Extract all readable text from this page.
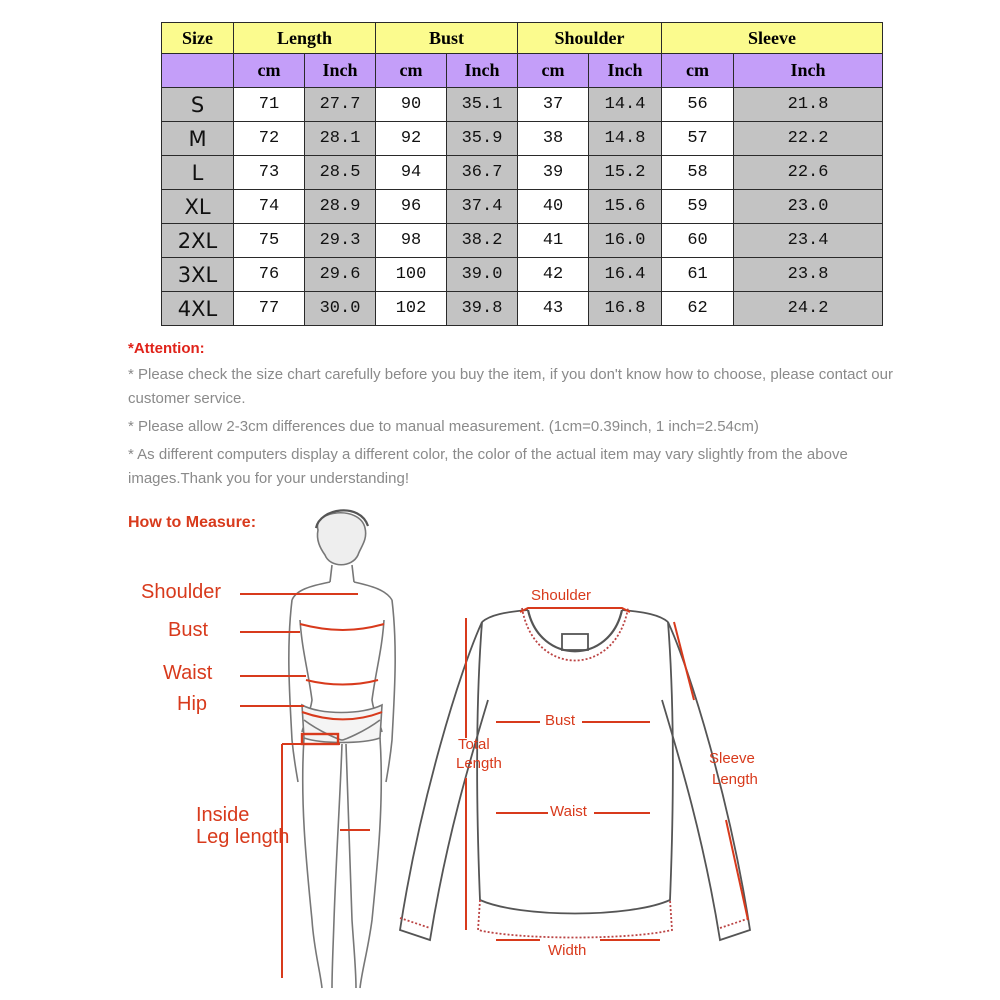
Size	Length		Bust		Shoulder		Sleeve	
	cm	Inch	cm	Inch	cm	Inch	cm	Inch
S	71	27.7	90	35.1	37	14.4	56	21.8
M	72	28.1	92	35.9	38	14.8	57	22.2
L	73	28.5	94	36.7	39	15.2	58	22.6
XL	74	28.9	96	37.4	40	15.6	59	23.0
2XL	75	29.3	98	38.2	41	16.0	60	23.4
3XL	76	29.6	100	39.0	42	16.4	61	23.8
4XL	77	30.0	102	39.8	43	16.8	62	24.2
*Attention:
* Please check the size chart carefully before you buy the item, if you don't know how to choose, please contact our customer service.
* Please allow 2-3cm differences due to manual measurement. (1cm=0.39inch, 1 inch=2.54cm)
* As different computers display a different color, the color of the actual item may vary slightly from the above images.Thank you for your understanding!
How to Measure:
Shoulder
Bust
Waist
Hip
Inside
Leg length
Shoulder
Bust
Total
Length
Waist
Sleeve
Length
Width
